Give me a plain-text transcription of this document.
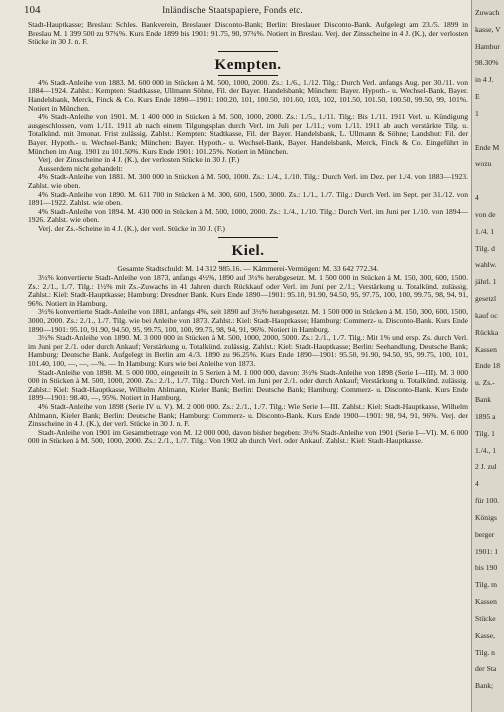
104	Inländische Staatspapiere, Fonds etc.

Stadt-Hauptkasse; Breslau: Schles. Bankverein, Breslauer Disconto-Bank; Berlin: Breslauer Disconto-Bank. Aufgelegt am 23./5. 1899 in Breslau M. 1 399 500 zu 97¾%. Kurs Ende 1899 bis 1901: 91.75, 90, 97¾%. Notiert in Breslau. Verj. der Zinsscheine in 4 J. (K.), der verlosten Stücke in 30 J. n. F.

Kempten.

4% Stadt-Anleihe von 1883. M. 600 000 in Stücken à M. 500, 1000, 2000. Zs.: 1./6., 1./12. Tilg.: Durch Verl. anfangs Aug. per 30./11. von 1884—1924. Zahlst.: Kempten: Stadtkasse, Ullmann Söhne, Fil. der Bayer. Handelsbank; München: Bayer. Hypoth.- u. Wechsel-Bank, Bayer. Handelsbank, Merck, Finck & Co. Kurs Ende 1890—1901: 100.20, 101, 100.50, 101.60, 103, 102, 101.50, 101.50, 100.50, 99.50, 99, 101%. Notiert in München.

4% Stadt-Anleihe von 1901. M. 1 400 000 in Stücken à M. 500, 1000, 2000. Zs.: 1./5., 1./11. Tilg.: Bis 1./11. 1911 Verl. u. Kündigung ausgeschlossen, vom 1./11. 1911 ab nach einem Tilgungsplan durch Verl. im Juli per 1./11.; vom 1./11. 1911 ab auch verstärkte Tilg. u. Totalkünd. mit 3monat. Frist zulässig. Zahlst.: Kempten: Stadtkasse, Fil. der Bayer. Handelsbank, L. Ullmann & Söhne; Landshut: Fil. der Bayer. Hypoth.- u. Wechsel-Bank; München: Bayer. Hypoth.- u. Wechsel-Bank, Bayer. Handelsbank, Merck, Finck & Co. Eingeführt in München im Aug. 1901 zu 101.50%. Kurs Ende 1901: 101.25%. Notiert in München.

Verj. der Zinsscheine in 4 J. (K.), der verlosten Stücke in 30 J. (F.)

Ausserdem nicht gehandelt:

4% Stadt-Anleihe von 1881. M. 300 000 in Stücken à M. 500, 1000. Zs.: 1./4., 1./10. Tilg.: Durch Verl. im Dez. per 1./4. von 1883—1923. Zahlst. wie oben.

4% Stadt-Anleihe von 1890. M. 611 700 in Stücken à M. 300, 600, 1500, 3000. Zs.: 1./1., 1./7. Tilg.: Durch Verl. im Sept. per 31./12. von 1891—1922. Zahlst. wie oben.

4% Stadt-Anleihe von 1894. M. 430 000 in Stücken à M. 500, 1000, 2000. Zs.: 1./4., 1./10. Tilg.: Durch Verl. im Juni per 1./10. von 1894—1926. Zahlst. wie oben.

Verj. der Zs.-Scheine in 4 J. (K.), der verl. Stücke in 30 J. (F.)

Kiel.

Gesamte Stadtschuld: M. 14 312 985.16. — Kämmerei-Vermögen: M. 33 642 772.34.

3½% konvertierte Stadt-Anleihe von 1873, anfangs 4½%, 1890 auf 3½% herabgesetzt. M. 1 500 000 in Stücken à M. 150, 300, 600, 1500. Zs.: 2./1., 1./7. Tilg.: 1½% mit Zs.-Zuwachs in 41 Jahren durch Rückkauf oder Verl. im Juni per 2./1.; Verstärkung u. Totalkünd. zulässig. Zahlst.: Kiel: Stadt-Hauptkasse; Hamburg: Dresdner Bank. Kurs Ende 1890—1901: 95.10, 91.90, 94.50, 95, 97.75, 100, 100, 99.75, 98, 94, 91, 96%. Notiert in Hamburg.

3½% konvertierte Stadt-Anleihe von 1881, anfangs 4%, seit 1890 auf 3½% herabgesetzt. M. 1 500 000 in Stücken à M. 150, 300, 600, 1500, 3000, 2000. Zs.: 2./1., 1./7. Tilg. wie bei Anleihe von 1873. Zahlst.: Kiel: Stadt-Hauptkasse; Hamburg: Commerz- u. Disconto-Bank. Kurs Ende 1890—1901: 95.10, 91.90, 94.50, 95, 99.75, 100, 100, 99.75, 98, 94, 91, 96%. Notiert in Hamburg.

3½% Stadt-Anleihe von 1890. M. 3 000 000 in Stücken à M. 500, 1000, 2000, 5000. Zs.: 2./1., 1./7. Tilg.: Mit 1% und ersp. Zs. durch Verl. im Juni per 2./1. oder durch Ankauf; Verstärkung u. Totalkünd. zulässig. Zahlst.: Kiel: Stadt-Hauptkasse; Berlin: Seehandlung, Deutsche Bank; Hamburg: Deutsche Bank. Aufgelegt in Berlin am 4./3. 1890 zu 96.25%. Kurs Ende 1890—1901: 95.50, 91.90, 94.50, 95, 99.75, 100, 101, 101.40, 100, —, —, —%. — In Hamburg: Kurs wie bei Anleihe von 1873.

Stadt-Anleihe von 1898. M. 5 000 000, eingeteilt in 5 Serien à M. 1 000 000, davon: 3½% Stadt-Anleihe von 1898 (Serie I—III). M. 3 000 000 in Stücken à M. 500, 1000, 2000. Zs.: 2./1., 1./7. Tilg.: Durch Verl. im Juni per 2./1. oder durch Ankauf; Verstärkung u. Totalkünd. zulässig. Zahlst.: Kiel: Stadt-Hauptkasse, Wilhelm Ahlmann, Kieler Bank; Berlin: Deutsche Bank; Hamburg: Commerz- u. Disconto-Bank. Kurs Ende 1899—1901: 98.40, —, 95%. Notiert in Hamburg.

4% Stadt-Anleihe von 1898 (Serie IV u. V). M. 2 000 000. Zs.: 2./1., 1./7. Tilg.: Wie Serie I—III. Zahlst.: Kiel: Stadt-Hauptkasse, Wilhelm Ahlmann, Kieler Bank; Berlin: Deutsche Bank; Hamburg: Commerz- u. Disconto-Bank. Kurs Ende 1900—1901: 98, 94, 91, 96%. Verj. der Zinsscheine in 4 J. (K.), der verl. Stücke in 30 J. n. F.

Stadt-Anleihe von 1901 im Gesamtbetrage von M. 12 000 000, davon bisher begeben: 3½% Stadt-Anleihe von 1901 (Serie I—VI). M. 6 000 000 in Stücken à M. 500, 1000, 2000. Zs.: 2./1., 1./7. Tilg.: Von 1902 ab durch Verl. oder Ankauf. Zahlst.: Kiel: Stadt-Hauptkasse.

Zuwach
kasse, V
Hambur
98.30%
in 4 J.
E
1
Ende M
wozu
4
von de
1./4. 1
Tilg. d
wahlw.
jährl. 1
gesetzl
kauf oc
Rückka
Kassen
Ende 18
u. Zs.-
Bank
1895 a
Tilg. 1
1./4., 1
2 J. zul
4
für 100.
Königs
berger
1901: 1
bis 190
Tilg. m
Kassen
Stücke
Kasse,
Tilg. n
der Sta
Bank;
